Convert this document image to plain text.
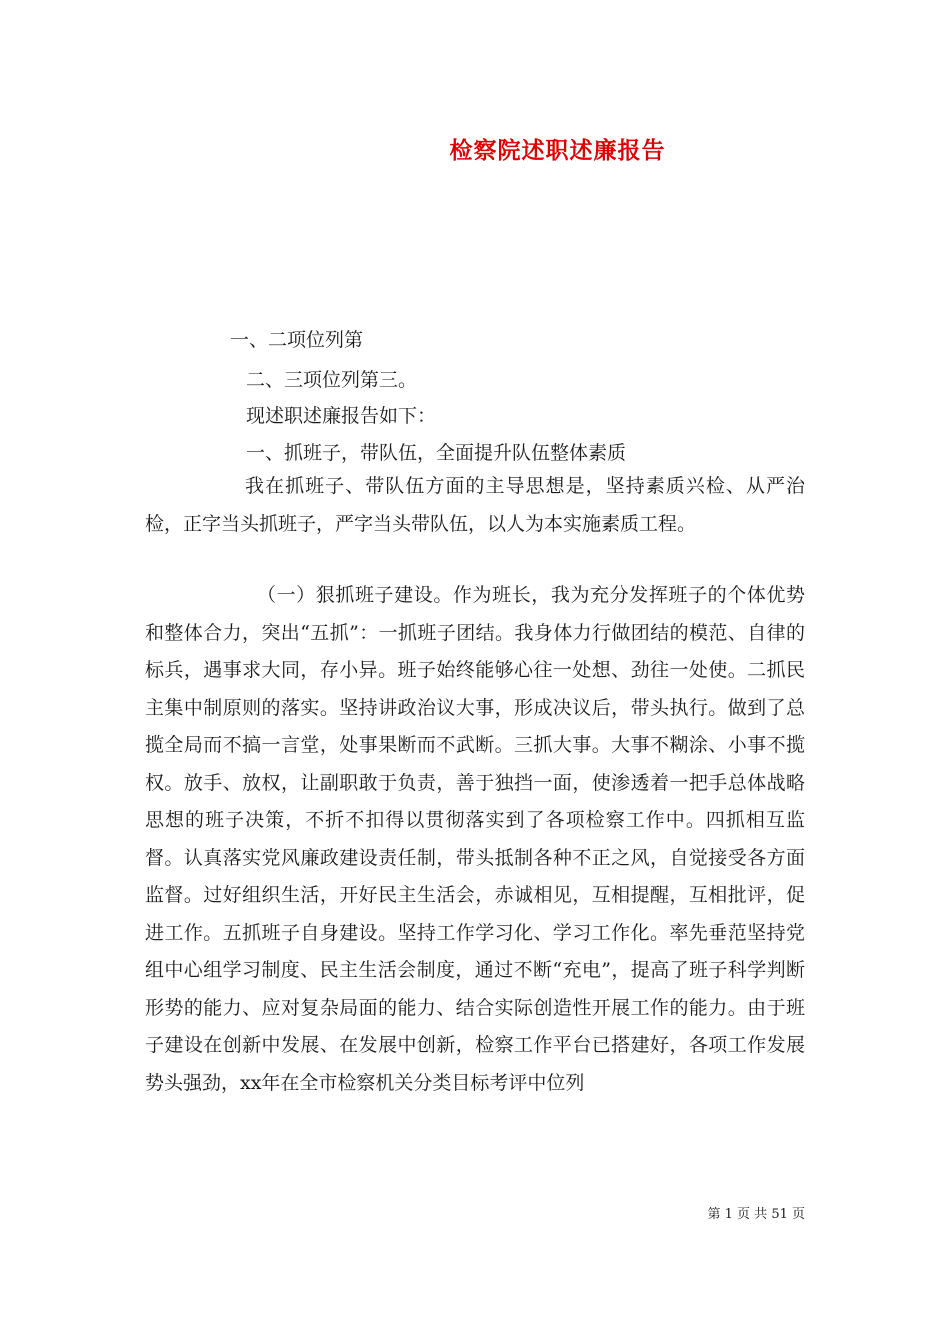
检察院述职述廉报告
一、二项位列第
二、三项位列第三。
现述职述廉报告如下：
一、抓班子，带队伍，全面提升队伍整体素质
我在抓班子、带队伍方面的主导思想是，坚持素质兴检、从严治检，正字当头抓班子，严字当头带队伍，以人为本实施素质工程。
（一）狠抓班子建设。作为班长，我为充分发挥班子的个体优势和整体合力，突出“五抓”：一抓班子团结。我身体力行做团结的模范、自律的标兵，遇事求大同，存小异。班子始终能够心往一处想、劲往一处使。二抓民主集中制原则的落实。坚持讲政治议大事，形成决议后，带头执行。做到了总揽全局而不搞一言堂，处事果断而不武断。三抓大事。大事不糊涂、小事不揽权。放手、放权，让副职敢于负责，善于独挡一面，使渗透着一把手总体战略思想的班子决策，不折不扣得以贯彻落实到了各项检察工作中。四抓相互监督。认真落实党风廉政建设责任制，带头抵制各种不正之风，自觉接受各方面监督。过好组织生活，开好民主生活会，赤诚相见，互相提醒，互相批评，促进工作。五抓班子自身建设。坚持工作学习化、学习工作化。率先垂范坚持党组中心组学习制度、民主生活会制度，通过不断“充电”，提高了班子科学判断形势的能力、应对复杂局面的能力、结合实际创造性开展工作的能力。由于班子建设在创新中发展、在发展中创新，检察工作平台已搭建好，各项工作发展势头强劲，xx年在全市检察机关分类目标考评中位列
第 1 页 共 51 页
